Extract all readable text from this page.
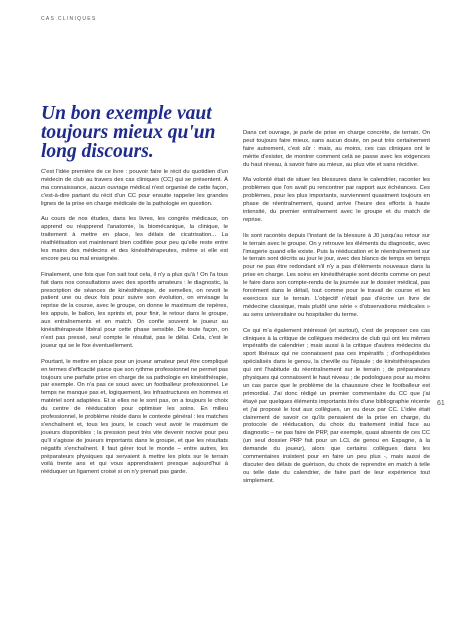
CAS CLINIQUES
Un bon exemple vaut toujours mieux qu'un long discours.

C'est l'idée première de ce livre : pouvoir faire le récit du quotidien d'un médecin de club au travers des cas cliniques (CC) qui se présentent. À ma connaissance, aucun ouvrage médical n'est organisé de cette façon, c'est-à-dire partant du récit d'un CC pour ensuite rappeler les grandes lignes de la prise en charge médicale de la pathologie en question.

Au cours de nos études, dans les livres, les congrès médicaux, on apprend ou réapprend l'anatomie, la biomécanique, la clinique, le traitement à mettre en place, les délais de cicatrisation... La réathlétisation est maintenant bien codifiée pour peu qu'elle reste entre les mains des médecins et des kinésithérapeutes, même si elle est encore peu ou mal enseignée.

Finalement, une fois que l'on sait tout cela, il n'y a plus qu'à ! On l'a tous fait dans nos consultations avec des sportifs amateurs : le diagnostic, la prescription de séances de kinésithérapie, de semelles, on revoit le patient une ou deux fois pour suivre son évolution, on envisage la reprise de la course, avec le groupe, on donne le maximum de repères, les appuis, le ballon, les sprints et, pour finir, le retour dans le groupe, aux entraînements et en match. On confie souvent le joueur au kinésithérapeute libéral pour cette phase sensible. De toute façon, on n'est pas pressé, seul compte le résultat, pas le délai. Cela, c'est le joueur qui se le fixe éventuellement.

Pourtant, le mettre en place pour un joueur amateur peut être compliqué en termes d'efficacité parce que son rythme professionnel ne permet pas toujours une parfaite prise en charge de sa pathologie en kinésithérapie, par exemple. On n'a pas ce souci avec un footballeur professionnel. Le temps ne manque pas et, logiquement, les infrastructures en hommes et matériel sont adaptées. Et si elles ne le sont pas, on a toujours le choix du centre de rééducation pour optimiser les soins. En milieu professionnel, le problème réside dans le contexte général : les matches s'enchaînent et, tous les jours, le coach veut avoir le maximum de joueurs disponibles ; la pression peut très vite devenir nocive pour peu qu'il s'agisse de joueurs importants dans le groupe, et que les résultats négatifs s'enchaînent. Il faut gérer tout le monde – entre autres, les préparateurs physiques qui servaient à mettre les plots sur le terrain voilà trente ans et qui vous apprendraient presque aujourd'hui à rééduquer un ligament croisé si on n'y prenait pas garde.

Dans cet ouvrage, je parle de prise en charge concrète, de terrain. On peut toujours faire mieux, sans aucun doute, on peut très certainement faire autrement, c'est sûr : mais, au moins, ces cas cliniques ont le mérite d'exister, de montrer comment celà se passe avec les exigences du haut niveau, à savoir faire au mieux, au plus vite et sans récidive.

Ma volonté était de situer les blessures dans le calendrier, raconter les problèmes que l'on avait pu rencontrer par rapport aux échéances. Ces problèmes, pour les plus importants, surviennent quasiment toujours en phase de réentraînement, quand arrive l'heure des efforts à haute intensité, du premier entraînement avec le groupe et du match de reprise.

Ils sont racontés depuis l'instant de la blessure à J0 jusqu'au retour sur le terrain avec le groupe. On y retrouve les éléments du diagnostic, avec l'imagerie quand elle existe. Puis la rééducation et le réentraînement sur le terrain sont décrits au jour le jour, avec des blancs de temps en temps pour ne pas être redondant s'il n'y a pas d'éléments nouveaux dans la prise en charge. Les soins en kinésithérapie sont décrits comme on peut le faire dans son compte-rendu de la journée sur le dossier médical, pas forcément dans le détail, tout comme pour le travail de course et les exercices sur le terrain. L'objectif n'était pas d'écrire un livre de médecine classique, mais plutôt une série « d'observations médicales » au sens universitaire ou hospitalier du terme.

Ce qui m'a également intéressé (et surtout), c'est de proposer ces cas cliniques à la critique de collègues médecins de club qui ont les mêmes impératifs de calendrier ; mais aussi à la critique d'autres médecins du sport libéraux qui ne connaissent pas ces impératifs ; d'orthopédistes spécialisés dans le genou, la cheville ou l'épaule ; de kinésithérapeutes qui ont l'habitude du réentraînement sur le terrain ; de préparateurs physiques qui connaissent le haut niveau ; de podologues pour au moins un cas parce que le problème de la chaussure chez le footballeur est primordial. J'ai donc rédigé un premier commentaire du CC que j'ai étayé par quelques éléments importants tirés d'une bibliographie récente et j'ai proposé le tout aux collègues, un ou deux par CC. L'idée était clairement de savoir ce qu'ils pensaient de la prise en charge, du protocole de rééducation, du choix du traitement initial face au diagnostic – ne pas faire de PRP, par exemple, quasi absents de ces CC (un seul dossier PRP fait pour un LCL de genou en Espagne, à la demande du joueur), alors que certains collègues dans les commentaires insistent pour en faire un peu plus -, mais aussi de discuter des délais de guérison, du choix de reprendre en match à telle ou telle date du calendrier, de faire part de leur expérience tout simplement.

61
